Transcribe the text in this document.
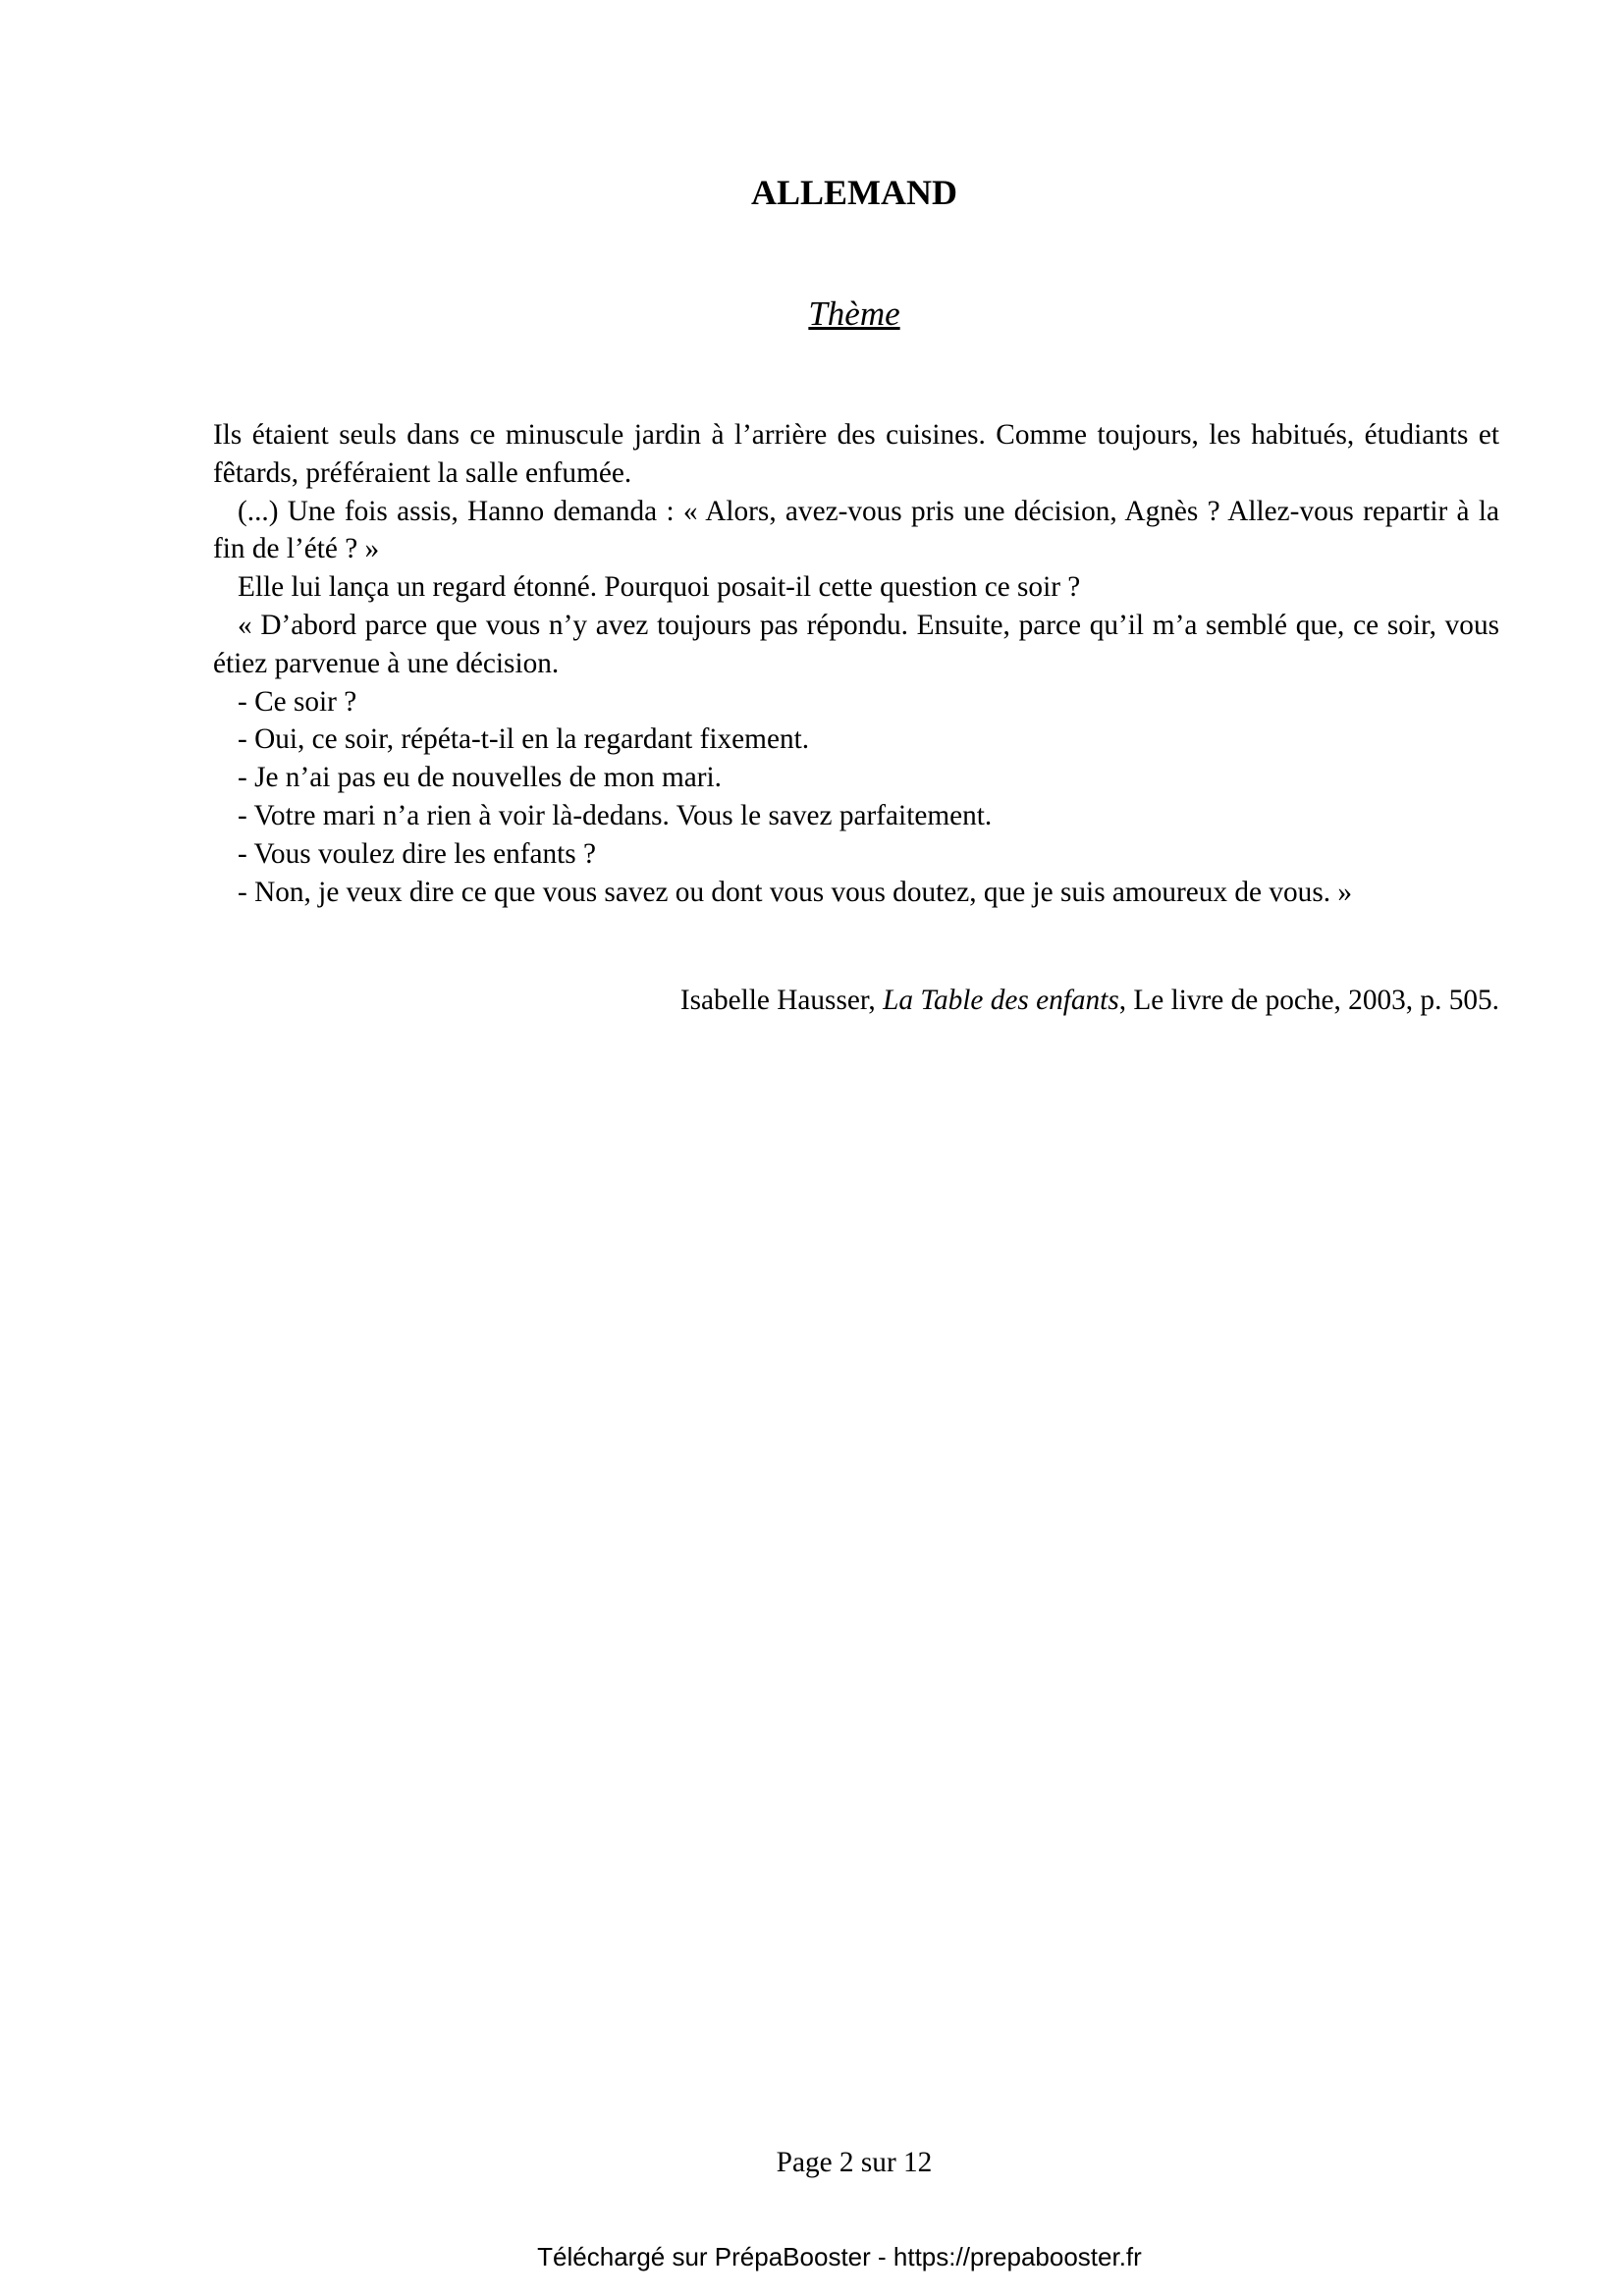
ALLEMAND
Thème

Ils étaient seuls dans ce minuscule jardin à l’arrière des cuisines. Comme toujours, les habitués, étudiants et fêtards, préféraient la salle enfumée.

(...) Une fois assis, Hanno demanda : « Alors, avez-vous pris une décision, Agnès ? Allez-vous repartir à la fin de l’été ? »

Elle lui lança un regard étonné. Pourquoi posait-il cette question ce soir ?

« D’abord parce que vous n’y avez toujours pas répondu. Ensuite, parce qu’il m’a semblé que, ce soir, vous étiez parvenue à une décision.

- Ce soir ?

- Oui, ce soir, répéta-t-il en la regardant fixement.

- Je n’ai pas eu de nouvelles de mon mari.

- Votre mari n’a rien à voir là-dedans. Vous le savez parfaitement.

- Vous voulez dire les enfants ?

- Non, je veux dire ce que vous savez ou dont vous vous doutez, que je suis amoureux de vous. »

Isabelle Hausser, La Table des enfants, Le livre de poche, 2003, p. 505.
Page 2 sur 12
Téléchargé sur PrépaBooster - https://prepabooster.fr
